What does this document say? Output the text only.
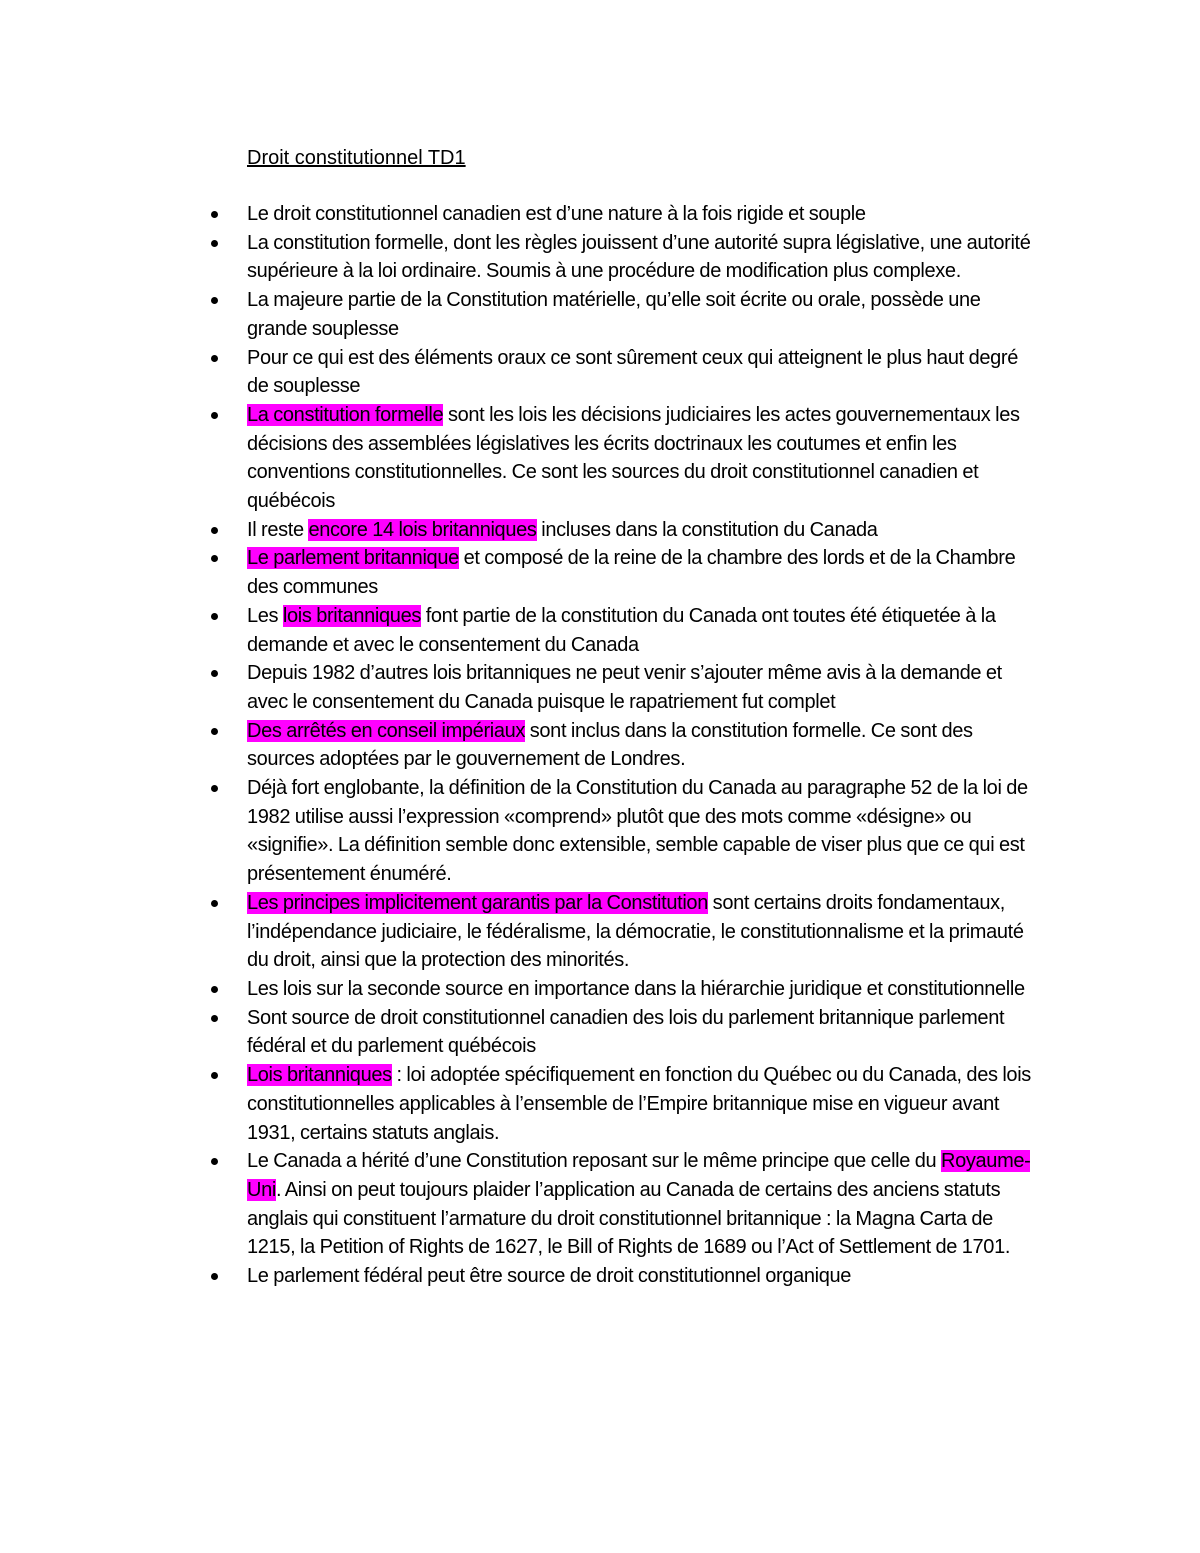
Droit constitutionnel TD1
Le droit constitutionnel canadien est d’une nature à la fois rigide et souple
La constitution formelle, dont les règles jouissent d’une autorité supra législative, une autorité supérieure à la loi ordinaire. Soumis à une procédure de modification plus complexe.
La majeure partie de la Constitution matérielle, qu’elle soit écrite ou orale, possède une grande souplesse
Pour ce qui est des éléments oraux ce sont sûrement ceux qui atteignent le plus haut degré de souplesse
La constitution formelle sont les lois les décisions judiciaires les actes gouvernementaux les décisions des assemblées législatives les écrits doctrinaux les coutumes et enfin les conventions constitutionnelles. Ce sont les sources du droit constitutionnel canadien et québécois
Il reste encore 14 lois britanniques incluses dans la constitution du Canada
Le parlement britannique et composé de la reine de la chambre des lords et de la Chambre des communes
Les lois britanniques font partie de la constitution du Canada ont toutes été étiquetée à la demande et avec le consentement du Canada
Depuis 1982 d’autres lois britanniques ne peut venir s’ajouter même avis à la demande et avec le consentement du Canada puisque le rapatriement fut complet
Des arrêtés en conseil impériaux sont inclus dans la constitution formelle. Ce sont des sources adoptées par le gouvernement de Londres.
Déjà fort englobante, la définition de la Constitution du Canada au paragraphe 52 de la loi de 1982 utilise aussi l’expression «comprend» plutôt que des mots comme «désigne» ou «signifie». La définition semble donc extensible, semble capable de viser plus que ce qui est présentement énuméré.
Les principes implicitement garantis par la Constitution sont certains droits fondamentaux, l’indépendance judiciaire, le fédéralisme, la démocratie, le constitutionnalisme et la primauté du droit, ainsi que la protection des minorités.
Les lois sur la seconde source en importance dans la hiérarchie juridique et constitutionnelle
Sont source de droit constitutionnel canadien des lois du parlement britannique parlement fédéral et du parlement québécois
Lois britanniques : loi adoptée spécifiquement en fonction du Québec ou du Canada, des lois constitutionnelles applicables à l’ensemble de l’Empire britannique mise en vigueur avant 1931, certains statuts anglais.
Le Canada a hérité d’une Constitution reposant sur le même principe que celle du Royaume-Uni. Ainsi on peut toujours plaider l’application au Canada de certains des anciens statuts anglais qui constituent l’armature du droit constitutionnel britannique : la Magna Carta de 1215, la Petition of Rights de 1627, le Bill of Rights de 1689 ou l’Act of Settlement de 1701.
Le parlement fédéral peut être source de droit constitutionnel organique
